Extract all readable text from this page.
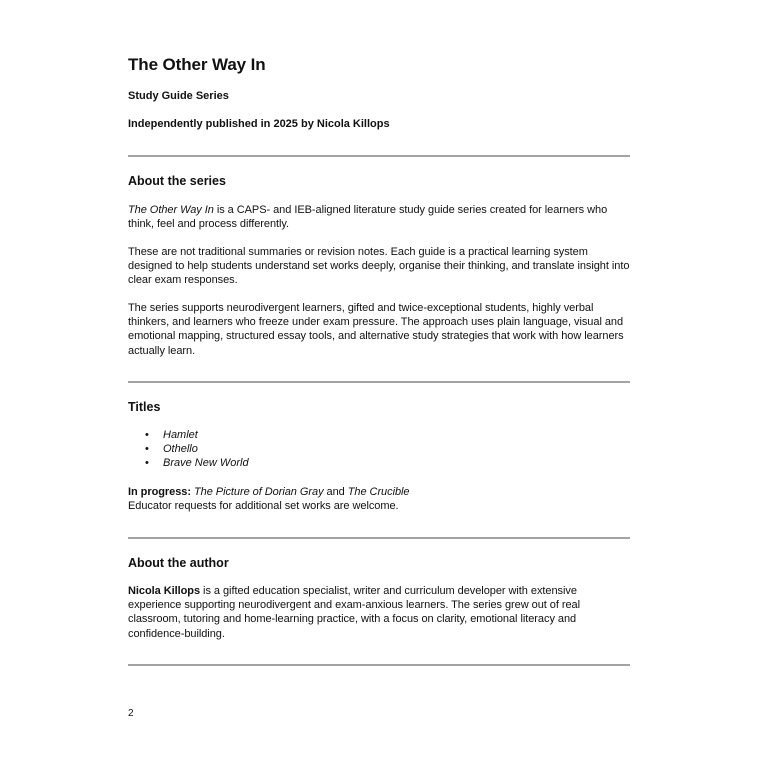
The Other Way In

Study Guide Series

Independently published in 2025 by Nicola Killops

About the series

The Other Way In is a CAPS- and IEB-aligned literature study guide series created for learners who think, feel and process differently.

These are not traditional summaries or revision notes. Each guide is a practical learning system designed to help students understand set works deeply, organise their thinking, and translate insight into clear exam responses.

The series supports neurodivergent learners, gifted and twice-exceptional students, highly verbal thinkers, and learners who freeze under exam pressure. The approach uses plain language, visual and emotional mapping, structured essay tools, and alternative study strategies that work with how learners actually learn.

Titles
• Hamlet
• Othello
• Brave New World

In progress: The Picture of Dorian Gray and The Crucible
Educator requests for additional set works are welcome.

About the author

Nicola Killops is a gifted education specialist, writer and curriculum developer with extensive experience supporting neurodivergent and exam-anxious learners. The series grew out of real classroom, tutoring and home-learning practice, with a focus on clarity, emotional literacy and confidence-building.

2
